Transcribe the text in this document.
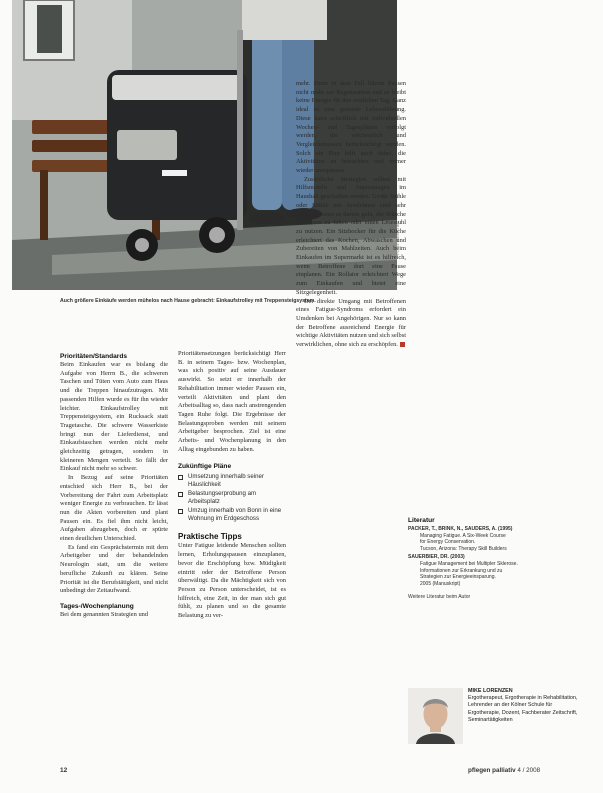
FOTO: HIERSTIEL
Auch größere Einkäufe werden mühelos nach Hause gebracht: Einkaufstrolley mit Treppensteigsystem.
Prioritäten/Standards

Beim Einkaufen war es bislang die Aufgabe von Herrn B., die schweren Taschen und Tüten vom Auto zum Haus und die Treppen hinaufzutragen. Mit passenden Hilfen wurde es für ihn wieder leichter. Einkaufstrolley mit Treppensteigsystem, ein Rucksack statt Tragetasche. Die schwere Wasserkiste bringt nun der Lieferdienst, und Einkaufstaschen werden nicht mehr gleichzeitig getragen, sondern in kleineren Mengen verteilt. So fällt der Einkauf nicht mehr so schwer.

In Bezug auf seine Prioritäten entschied sich Herr B., bei der Vorbereitung der Fahrt zum Arbeitsplatz weniger Energie zu verbrauchen. Er lässt nun die Akten vorbereiten und plant Pausen ein. Es fiel ihm nicht leicht, Aufgaben abzugeben, doch er spürte einen deutlichen Unterschied.

Es fand ein Gesprächstermin mit dem Arbeitgeber und der behandelnden Neurologin statt, um die weitere berufliche Zukunft zu klären. Seine Priorität ist die Berufstätigkeit, und nicht unbedingt der Zeitaufwand.

Tages-/Wochenplanung

Bei dem genannten Strategien und

Prioritätensetzungen berücksichtigt Herr B. in seinem Tages- bzw. Wochenplan, was sich positiv auf seine Ausdauer auswirkt. So setzt er innerhalb der Rehabilitation immer wieder Pausen ein, verteilt Aktivitäten und plant den Arbeitsalltag so, dass nach anstrengenden Tagen Ruhe folgt. Die Ergebnisse der Belastungsproben werden mit seinem Arbeitgeber besprochen. Ziel ist eine Arbeits- und Wochenplanung in den Alltag eingebunden zu haben.

Zukünftige Pläne
Umsetzung innerhalb seiner Häuslichkeit
Belastungserprobung am Arbeitsplatz
Umzug innerhalb von Bonn in eine Wohnung im Erdgeschoss
Praktische Tipps

Unter Fatigue leidende Menschen sollten lernen, Erholungspausen einzuplanen, bevor die Erschöpfung bzw. Müdigkeit eintritt oder der Betroffene Person überwältigt. Da die Mächtigkeit sich von Person zu Person unterscheidet, ist es hilfreich, eine Zeit, in der man sich gut fühlt, zu planen und so die gesamte Belastung zu ver-

mehr. Denn in dem Fall führen Pausen nicht mehr zur Regeneration und es bleibt keine Energie für den restlichen Tag. Ganz ideal ist eine gesunde Lebensführung. Diese kann schriftlich mit individuellen Wochen- und Tagesplänen verfolgt werden, die wöchentlich und Vergleichsmessen berücksichtigt werden. Solch ein Plan hilft auch dabei, die Aktivitäten zu betrachten und immer wieder anzupassen.

Zusätzliche Strategien sollten mit Hilfsmitteln und Anpassungen im Haushalt geschaffen werden. Große Stühle oder Stühle mit Armlehnen sind sehr nützlich, wenn es darum geht, die Wäsche im Sitzen zu falten oder einen Lesestuhl zu nutzen. Ein Sitzhocker für die Küche erleichtert das Kochen, Abwaschen und Zubereiten von Mahlzeiten. Auch beim Einkaufen im Supermarkt ist es hilfreich, wenn Betroffene dort eine Pause einplanen. Ein Rollator erleichtert Wege zum Einkaufen und bietet eine Sitzgelegenheit.

Der direkte Umgang mit Betroffenen eines Fatigue-Syndroms erfordert ein Umdenken bei Angehörigen. Nur so kann der Betroffene ausreichend Energie für wichtige Aktivitäten nutzen und sich selbst verwirklichen, ohne sich zu erschöpfen.

Literatur
PACKER, T., BRINK, N., SAUDERS, A. (1995)
Managing Fatigue. A Six-Week Course
for Energy Conservation.
Tucson, Arizona: Therapy Skill Builders
SAUERBIER, DR. (2003)
Fatigue Management bei Multipler Sklerose.
Informationen zur Erkrankung und zu
Strategien zur Energieeinsparung.
2005 (Manuskript)
Weitere Literatur beim Autor
MIKE LORENZEN
Ergotherapeut, Ergotherapie in Rehabilitation, Lehrender an der Kölner Schule für Ergotherapie, Dozent, Fachberater Zeitschrift, Seminartätigkeiten
12	pflegen palliativ 4 / 2008
